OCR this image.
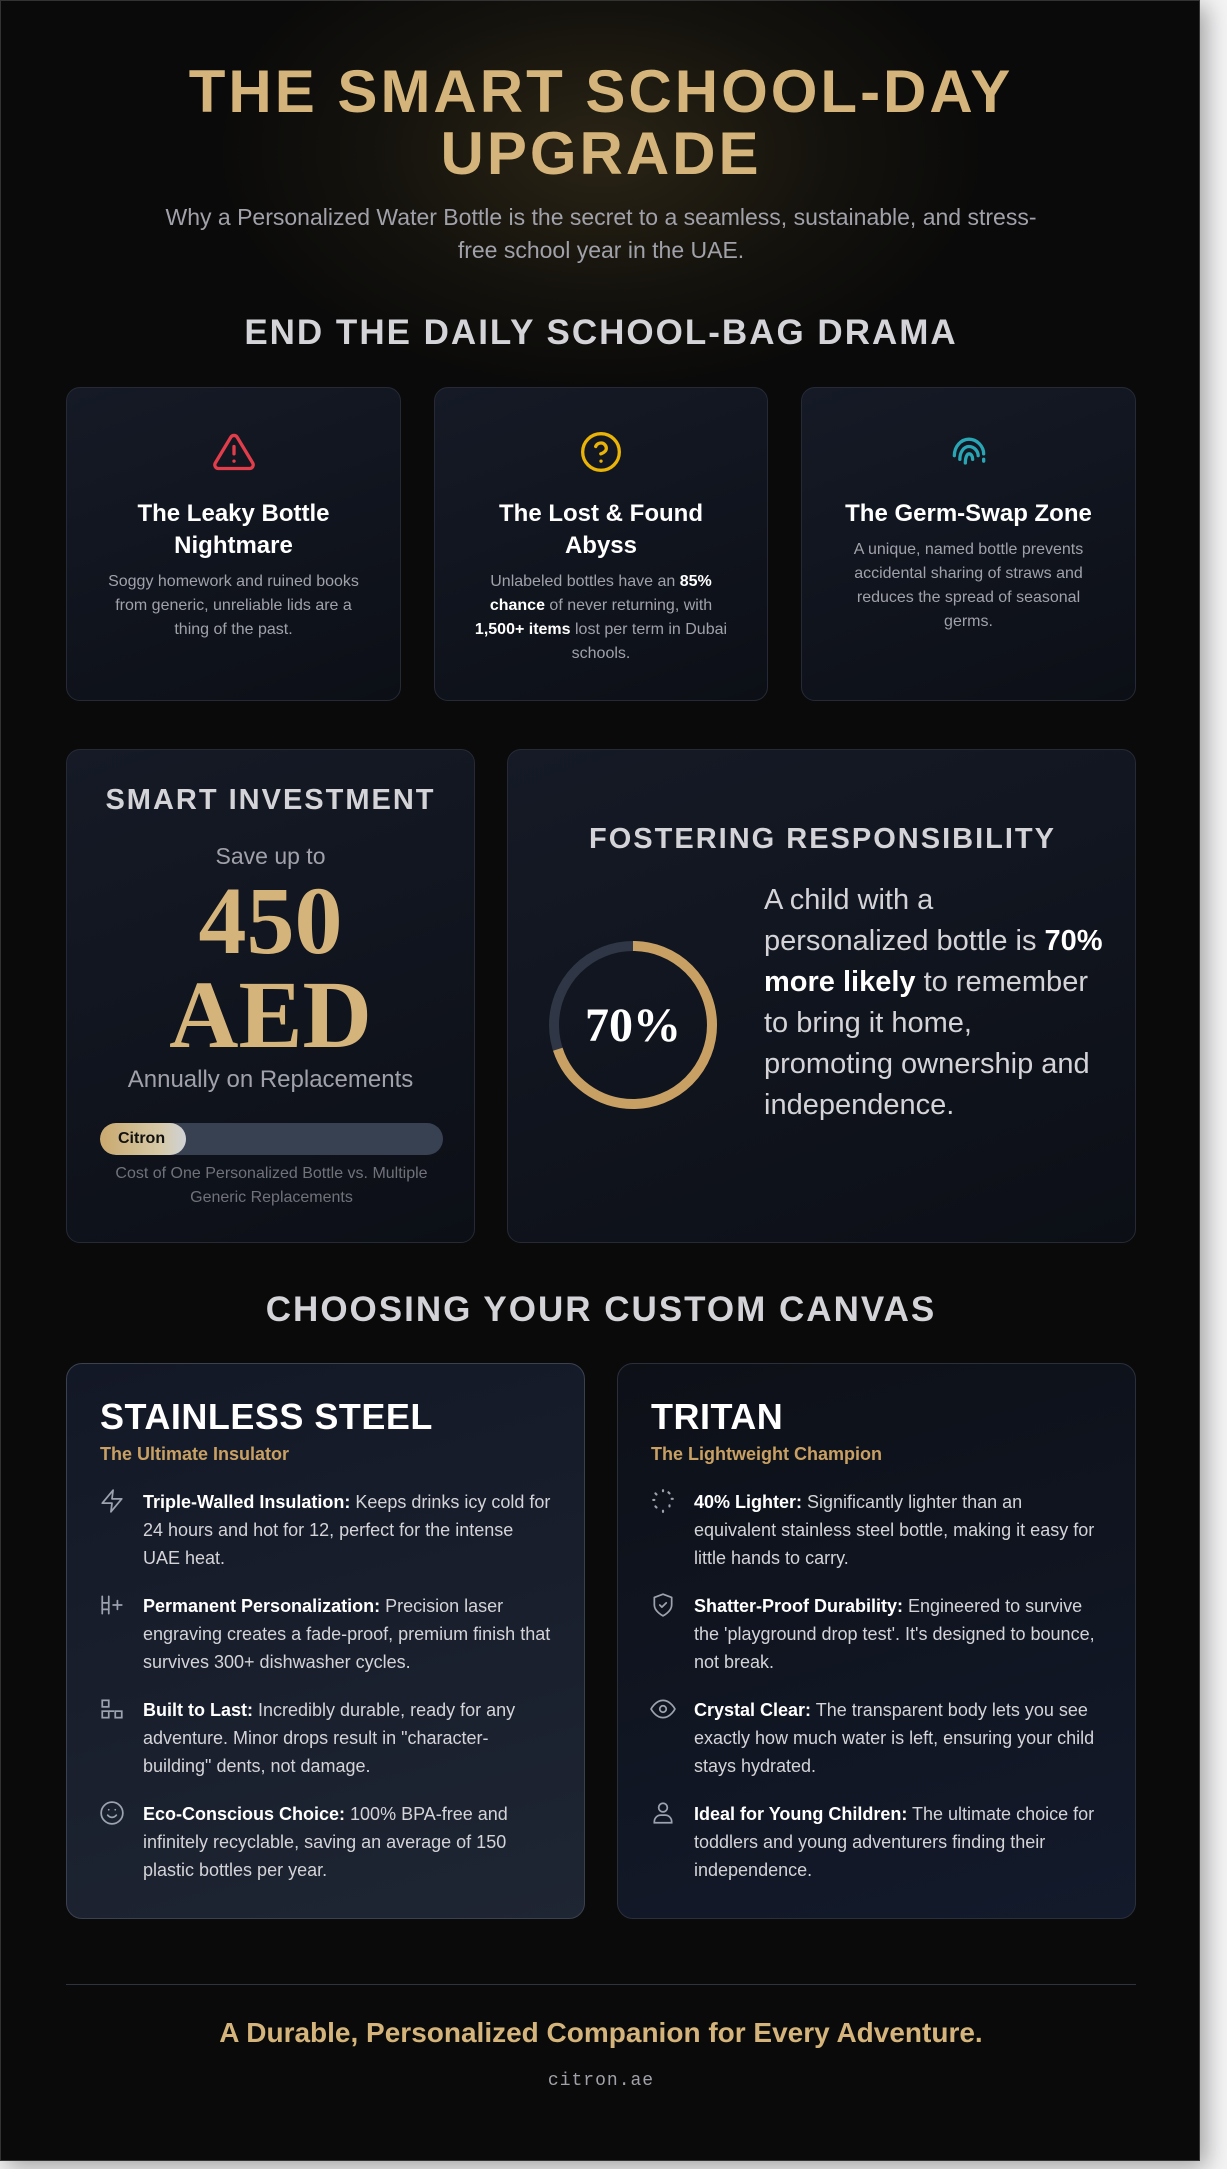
THE SMART SCHOOL-DAY UPGRADE

Why a Personalized Water Bottle is the secret to a seamless, sustainable, and stress-free school year in the UAE.

END THE DAILY SCHOOL-BAG DRAMA
The Leaky Bottle Nightmare
Soggy homework and ruined books from generic, unreliable lids are a thing of the past.
The Lost & Found Abyss
Unlabeled bottles have an 85% chance of never returning, with 1,500+ items lost per term in Dubai schools.
The Germ-Swap Zone
A unique, named bottle prevents accidental sharing of straws and reduces the spread of seasonal germs.
SMART INVESTMENT
Save up to
450
AED
Annually on Replacements
Citron
Cost of One Personalized Bottle vs. Multiple Generic Replacements
FOSTERING RESPONSIBILITY
70%
A child with a personalized bottle is 70% more likely to remember to bring it home, promoting ownership and independence.
CHOOSING YOUR CUSTOM CANVAS
STAINLESS STEEL
The Ultimate Insulator
Triple-Walled Insulation: Keeps drinks icy cold for 24 hours and hot for 12, perfect for the intense UAE heat.
Permanent Personalization: Precision laser engraving creates a fade-proof, premium finish that survives 300+ dishwasher cycles.
Built to Last: Incredibly durable, ready for any adventure. Minor drops result in "character-building" dents, not damage.
Eco-Conscious Choice: 100% BPA-free and infinitely recyclable, saving an average of 150 plastic bottles per year.
TRITAN
The Lightweight Champion
40% Lighter: Significantly lighter than an equivalent stainless steel bottle, making it easy for little hands to carry.
Shatter-Proof Durability: Engineered to survive the 'playground drop test'. It's designed to bounce, not break.
Crystal Clear: The transparent body lets you see exactly how much water is left, ensuring your child stays hydrated.
Ideal for Young Children: The ultimate choice for toddlers and young adventurers finding their independence.
A Durable, Personalized Companion for Every Adventure.
citron.ae
